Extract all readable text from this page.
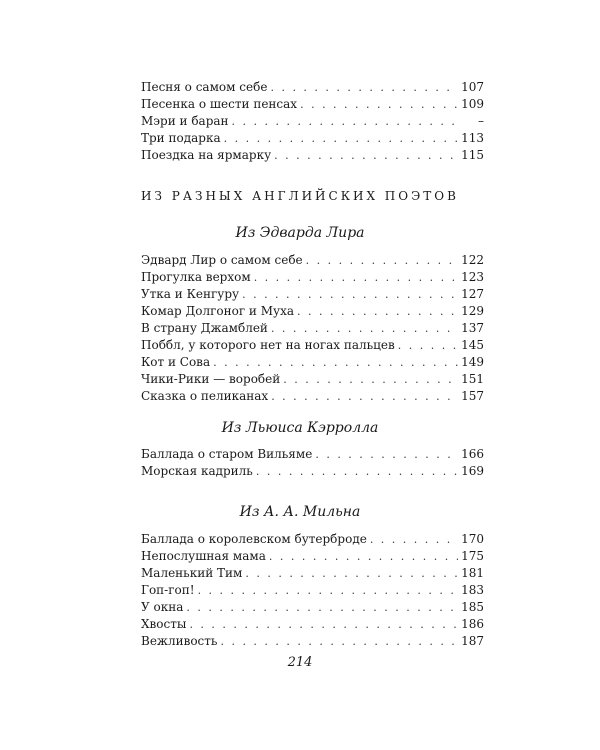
Песня о самом себе . . .	107
Песенка о шести пенсах . . .	109
Мэри и баран . . .	–
Три подарка . . .	113
Поездка на ярмарку . . .	115
ИЗ РАЗНЫХ АНГЛИЙСКИХ ПОЭТОВ
Из Эдварда Лира
Эдвард Лир о самом себе . . .	122
Прогулка верхом . . .	123
Утка и Кенгуру . . .	127
Комар Долгоног и Муха . . .	129
В страну Джамблей . . .	137
Поббл, у которого нет на ногах пальцев . . .	145
Кот и Сова . . .	149
Чики-Рики — воробей . . .	151
Сказка о пеликанах . . .	157
Из Льюиса Кэрролла
Баллада о старом Вильяме . . .	166
Морская кадриль . . .	169
Из А. А. Мильна
Баллада о королевском бутерброде . . .	170
Непослушная мама . . .	175
Маленький Тим . . .	181
Гоп-гоп! . . .	183
У окна . . .	185
Хвосты . . .	186
Вежливость . . .	187
214
